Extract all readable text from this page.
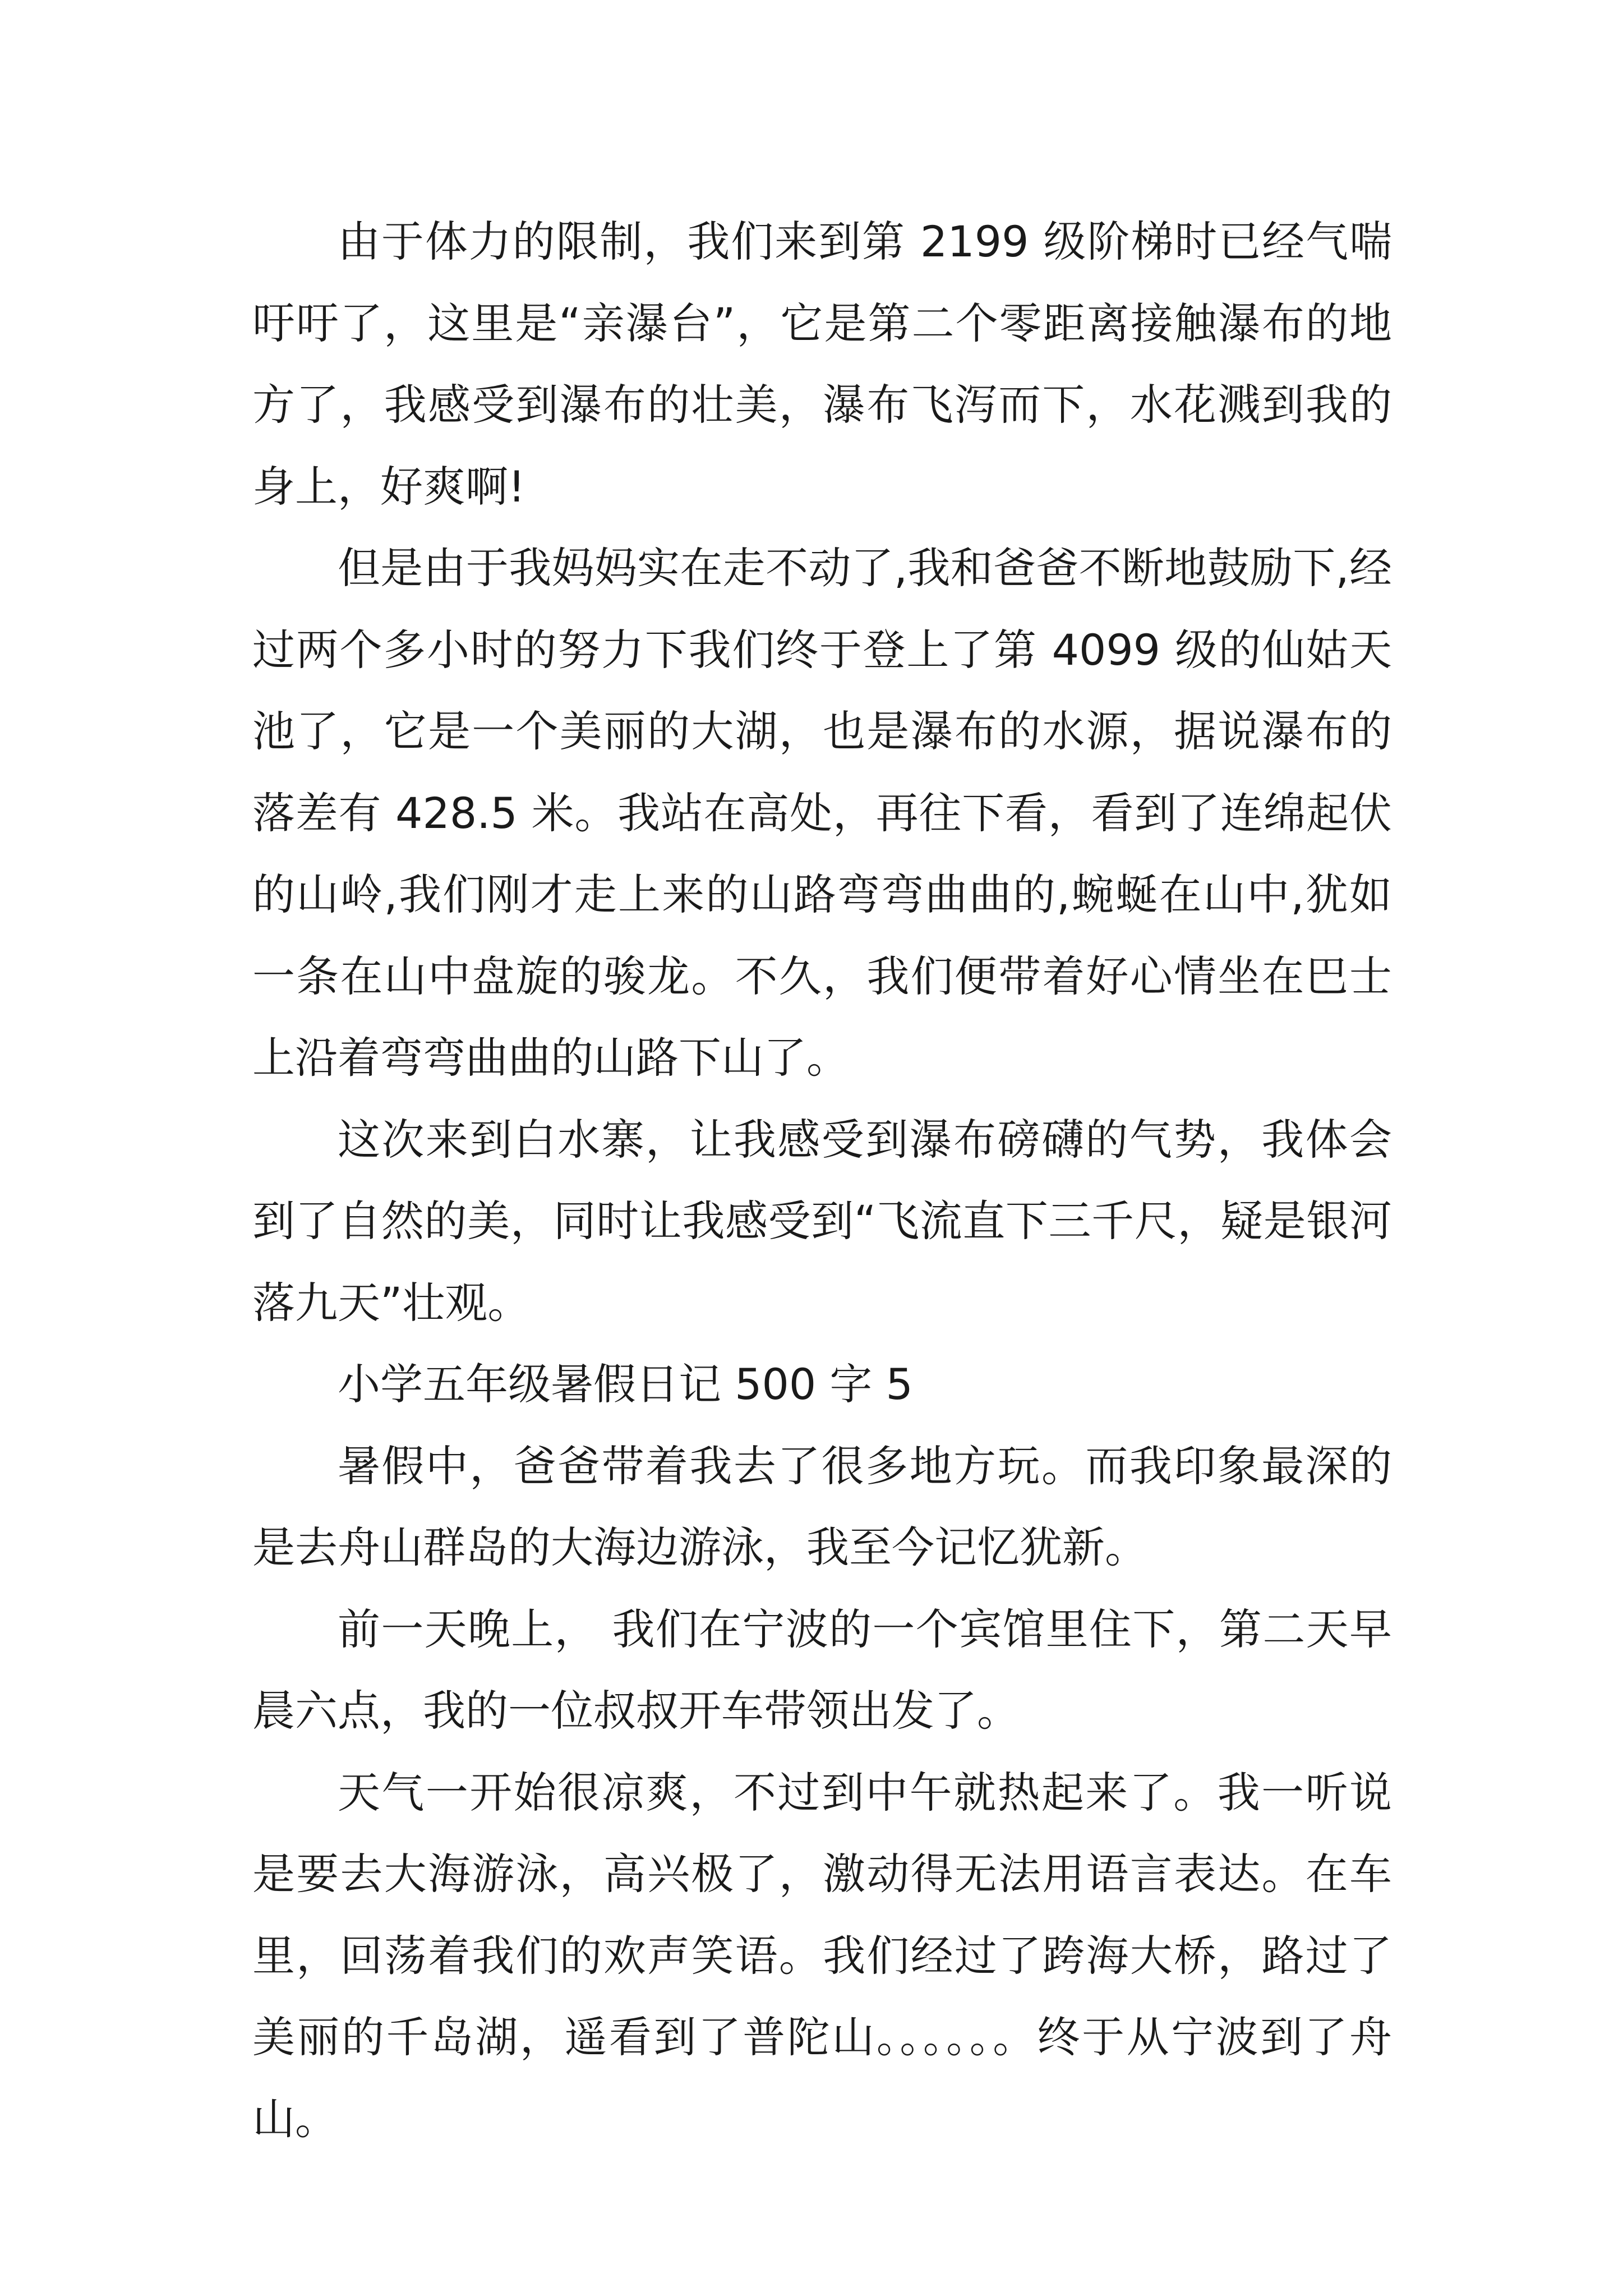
由于体力的限制，我们来到第 2199 级阶梯时已经气喘吁吁了，这里是“亲瀑台”，它是第二个零距离接触瀑布的地方了，我感受到瀑布的壮美，瀑布飞泻而下，水花溅到我的身上，好爽啊!

但是由于我妈妈实在走不动了,我和爸爸不断地鼓励下,经过两个多小时的努力下我们终于登上了第 4099 级的仙姑天池了，它是一个美丽的大湖，也是瀑布的水源，据说瀑布的落差有 428.5 米。我站在高处，再往下看，看到了连绵起伏的山岭,我们刚才走上来的山路弯弯曲曲的,蜿蜒在山中,犹如一条在山中盘旋的骏龙。不久，我们便带着好心情坐在巴士上沿着弯弯曲曲的山路下山了。

这次来到白水寨，让我感受到瀑布磅礴的气势，我体会到了自然的美，同时让我感受到“飞流直下三千尺，疑是银河落九天”壮观。

小学五年级暑假日记 500 字 5

暑假中，爸爸带着我去了很多地方玩。而我印象最深的是去舟山群岛的大海边游泳，我至今记忆犹新。

前一天晚上， 我们在宁波的一个宾馆里住下，第二天早晨六点，我的一位叔叔开车带领出发了。

天气一开始很凉爽，不过到中午就热起来了。我一听说是要去大海游泳，高兴极了，激动得无法用语言表达。在车里，回荡着我们的欢声笑语。我们经过了跨海大桥，路过了美丽的千岛湖，遥看到了普陀山。。。。。。终于从宁波到了舟山。
